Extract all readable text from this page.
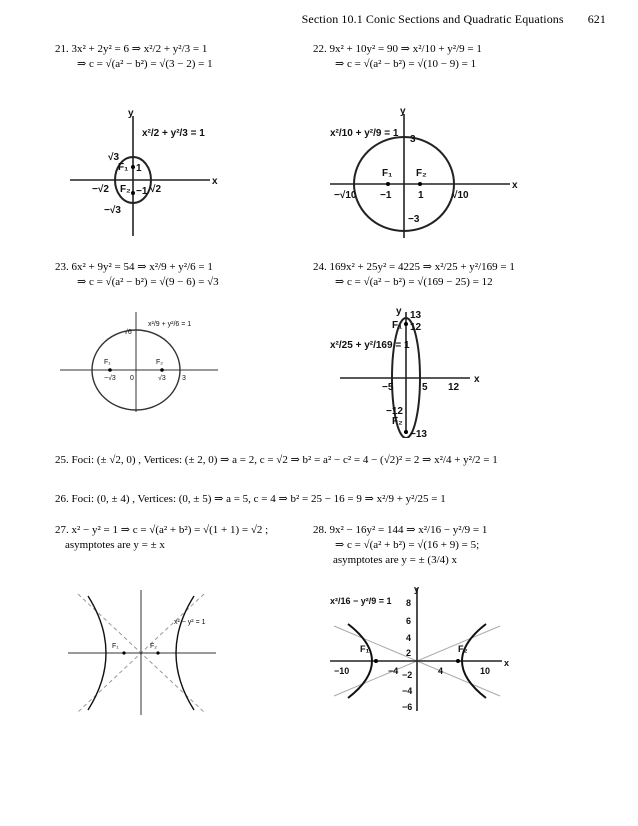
Section 10.1 Conic Sections and Quadratic Equations 621
21. 3x² + 2y² = 6 ⇒ x²/2 + y²/3 = 1
⇒ c = √(a² − b²) = √(3 − 2) = 1
22. 9x² + 10y² = 90 ⇒ x²/10 + y²/9 = 1
⇒ c = √(a² − b²) = √(10 − 9) = 1
y
x²/2 + y²/3 = 1
x
√3
F₁ 1
−√2 F₂ −1 √2
−√3
y
x²/10 + y²/9 = 1
3
F₁ F₂
x
−√10 −1	1	√10
−3
23. 6x² + 9y² = 54 ⇒ x²/9 + y²/6 = 1
⇒ c = √(a² − b²) = √(9 − 6) = √3
24. 169x² + 25y² = 4225 ⇒ x²/25 + y²/169 = 1
⇒ c = √(a² − b²) = √(169 − 25) = 12
√6
x²/9 + y²/6 = 1
F₁	F₂
−√3 0	√3 3
y
x²/25 + y²/169 = 1
13
F₁ 12
−5	5 12
x
F₂
−12
−13
25. Foci: (± √2, 0) , Vertices: (± 2, 0) ⇒ a = 2, c = √2 ⇒ b² = a² − c² = 4 − (√2)² = 2 ⇒ x²/4 + y²/2 = 1
26. Foci: (0, ± 4) , Vertices: (0, ± 5) ⇒ a = 5, c = 4 ⇒ b² = 25 − 16 = 9 ⇒ x²/9 + y²/25 = 1
27. x² − y² = 1 ⇒ c = √(a² + b²) = √(1 + 1) = √2 ;
asymptotes are y = ± x
28. 9x² − 16y² = 144 ⇒ x²/16 − y²/9 = 1
⇒ c = √(a² + b²) = √(16 + 9) = 5;
asymptotes are y = ± (3/4) x
x² − y² = 1
F₁	F₂
x²/16 − y²/9 = 1
y
8
6
4
2
F₁	F₂
−10	−4	4	10
x
−2
−4
−6
